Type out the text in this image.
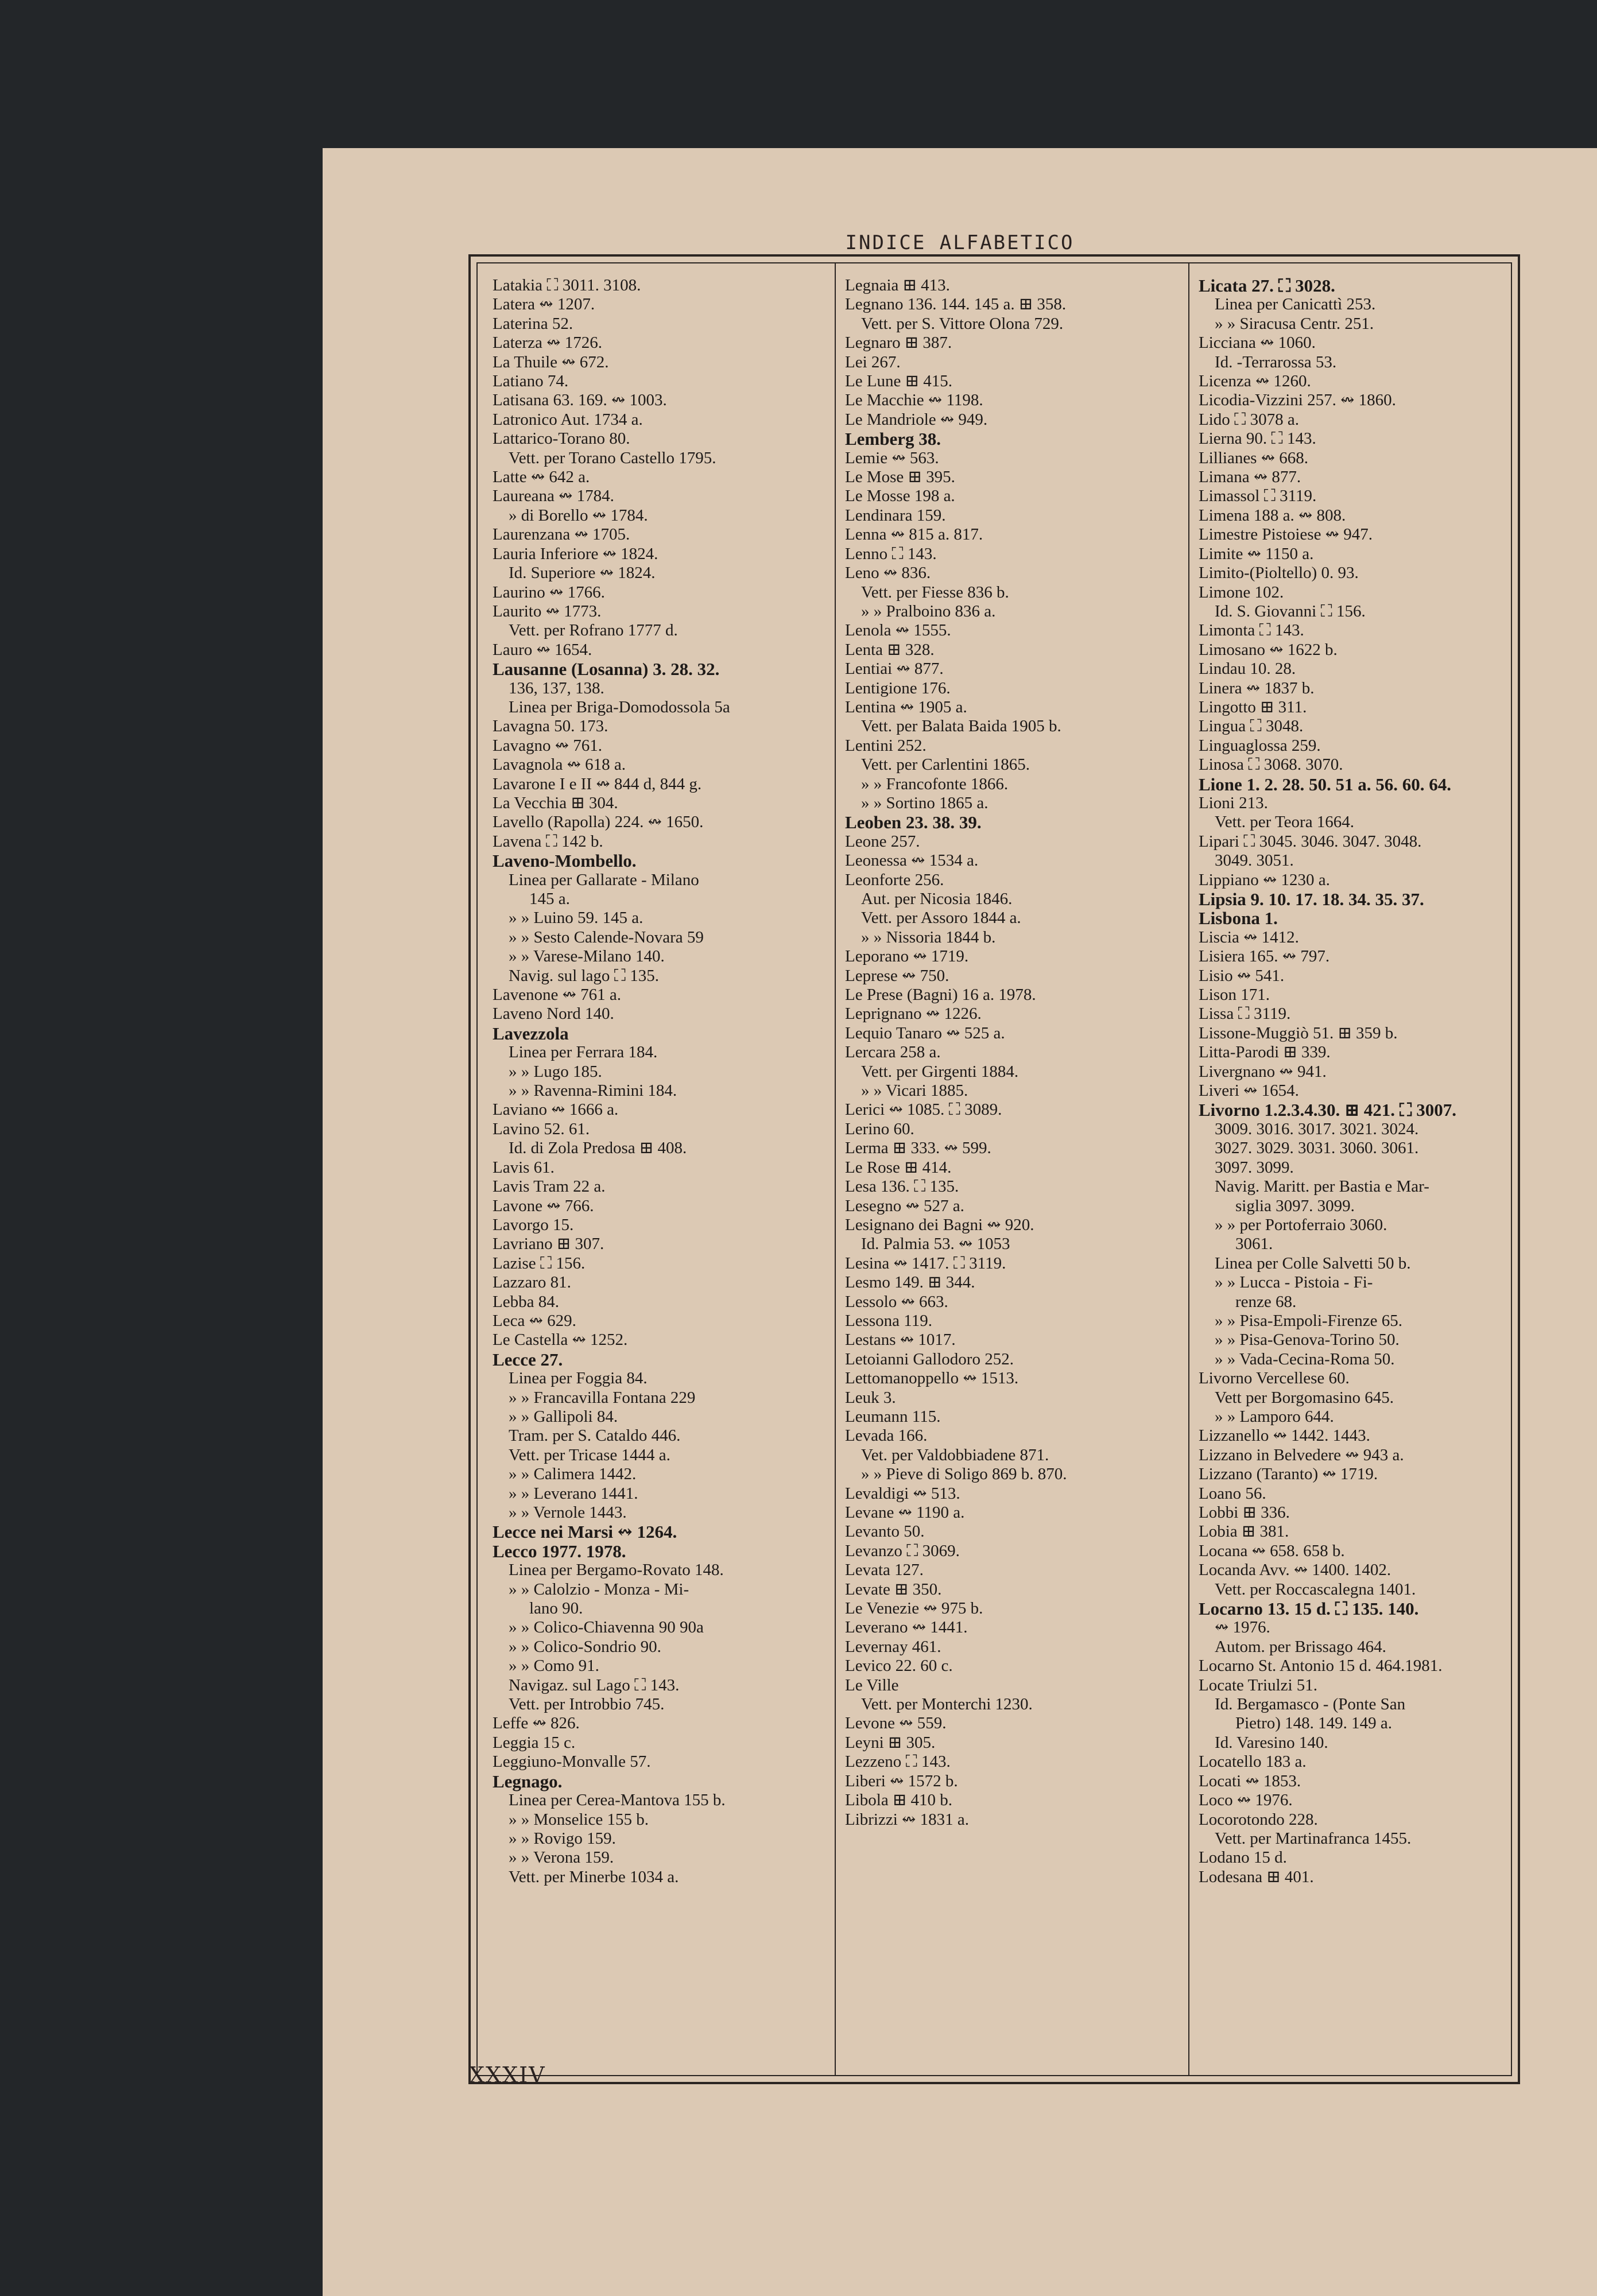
INDICE ALFABETICO
Latakia ⛶ 3011. 3108.
Latera ↭ 1207.
Laterina 52.
Laterza ↭ 1726.
La Thuile ↭ 672.
Latiano 74.
Latisana 63. 169. ↭ 1003.
Latronico Aut. 1734 a.
Lattarico-Torano 80.
Vett. per Torano Castello 1795.
Latte ↭ 642 a.
Laureana ↭ 1784.
» di Borello ↭ 1784.
Laurenzana ↭ 1705.
Lauria Inferiore ↭ 1824.
Id. Superiore ↭ 1824.
Laurino ↭ 1766.
Laurito ↭ 1773.
Vett. per Rofrano 1777 d.
Lauro ↭ 1654.
Lausanne (Losanna) 3. 28. 32.
136, 137, 138.
Linea per Briga-Domodossola 5a
Lavagna 50. 173.
Lavagno ↭ 761.
Lavagnola ↭ 618 a.
Lavarone I e II ↭ 844 d, 844 g.
La Vecchia ⊞ 304.
Lavello (Rapolla) 224. ↭ 1650.
Lavena ⛶ 142 b.
Laveno-Mombello.
Linea per Gallarate - Milano
145 a.
» » Luino 59. 145 a.
» » Sesto Calende-Novara 59
» » Varese-Milano 140.
Navig. sul lago ⛶ 135.
Lavenone ↭ 761 a.
Laveno Nord 140.
Lavezzola
Linea per Ferrara 184.
» » Lugo 185.
» » Ravenna-Rimini 184.
Laviano ↭ 1666 a.
Lavino 52. 61.
Id. di Zola Predosa ⊞ 408.
Lavis 61.
Lavis Tram 22 a.
Lavone ↭ 766.
Lavorgo 15.
Lavriano ⊞ 307.
Lazise ⛶ 156.
Lazzaro 81.
Lebba 84.
Leca ↭ 629.
Le Castella ↭ 1252.
Lecce 27.
Linea per Foggia 84.
» » Francavilla Fontana 229
» » Gallipoli 84.
Tram. per S. Cataldo 446.
Vett. per Tricase 1444 a.
» » Calimera 1442.
» » Leverano 1441.
» » Vernole 1443.
Lecce nei Marsi ↭ 1264.
Lecco 1977. 1978.
Linea per Bergamo-Rovato 148.
» » Calolzio - Monza - Mi-
lano 90.
» » Colico-Chiavenna 90 90a
» » Colico-Sondrio 90.
» » Como 91.
Navigaz. sul Lago ⛶ 143.
Vett. per Introbbio 745.
Leffe ↭ 826.
Leggia 15 c.
Leggiuno-Monvalle 57.
Legnago.
Linea per Cerea-Mantova 155 b.
» » Monselice 155 b.
» » Rovigo 159.
» » Verona 159.
Vett. per Minerbe 1034 a.
Legnaia ⊞ 413.
Legnano 136. 144. 145 a. ⊞ 358.
Vett. per S. Vittore Olona 729.
Legnaro ⊞ 387.
Lei 267.
Le Lune ⊞ 415.
Le Macchie ↭ 1198.
Le Mandriole ↭ 949.
Lemberg 38.
Lemie ↭ 563.
Le Mose ⊞ 395.
Le Mosse 198 a.
Lendinara 159.
Lenna ↭ 815 a. 817.
Lenno ⛶ 143.
Leno ↭ 836.
Vett. per Fiesse 836 b.
» » Pralboino 836 a.
Lenola ↭ 1555.
Lenta ⊞ 328.
Lentiai ↭ 877.
Lentigione 176.
Lentina ↭ 1905 a.
Vett. per Balata Baida 1905 b.
Lentini 252.
Vett. per Carlentini 1865.
» » Francofonte 1866.
» » Sortino 1865 a.
Leoben 23. 38. 39.
Leone 257.
Leonessa ↭ 1534 a.
Leonforte 256.
Aut. per Nicosia 1846.
Vett. per Assoro 1844 a.
» » Nissoria 1844 b.
Leporano ↭ 1719.
Leprese ↭ 750.
Le Prese (Bagni) 16 a. 1978.
Leprignano ↭ 1226.
Lequio Tanaro ↭ 525 a.
Lercara 258 a.
Vett. per Girgenti 1884.
» » Vicari 1885.
Lerici ↭ 1085. ⛶ 3089.
Lerino 60.
Lerma ⊞ 333. ↭ 599.
Le Rose ⊞ 414.
Lesa 136. ⛶ 135.
Lesegno ↭ 527 a.
Lesignano dei Bagni ↭ 920.
Id. Palmia 53. ↭ 1053
Lesina ↭ 1417. ⛶ 3119.
Lesmo 149. ⊞ 344.
Lessolo ↭ 663.
Lessona 119.
Lestans ↭ 1017.
Letoianni Gallodoro 252.
Lettomanoppello ↭ 1513.
Leuk 3.
Leumann 115.
Levada 166.
Vet. per Valdobbiadene 871.
» » Pieve di Soligo 869 b. 870.
Levaldigi ↭ 513.
Levane ↭ 1190 a.
Levanto 50.
Levanzo ⛶ 3069.
Levata 127.
Levate ⊞ 350.
Le Venezie ↭ 975 b.
Leverano ↭ 1441.
Levernay 461.
Levico 22. 60 c.
Le Ville
Vett. per Monterchi 1230.
Levone ↭ 559.
Leyni ⊞ 305.
Lezzeno ⛶ 143.
Liberi ↭ 1572 b.
Libola ⊞ 410 b.
Librizzi ↭ 1831 a.
Licata 27. ⛶ 3028.
Linea per Canicattì 253.
» » Siracusa Centr. 251.
Licciana ↭ 1060.
Id. -Terrarossa 53.
Licenza ↭ 1260.
Licodia-Vizzini 257. ↭ 1860.
Lido ⛶ 3078 a.
Lierna 90. ⛶ 143.
Lillianes ↭ 668.
Limana ↭ 877.
Limassol ⛶ 3119.
Limena 188 a. ↭ 808.
Limestre Pistoiese ↭ 947.
Limite ↭ 1150 a.
Limito-(Pioltello) 0. 93.
Limone 102.
Id. S. Giovanni ⛶ 156.
Limonta ⛶ 143.
Limosano ↭ 1622 b.
Lindau 10. 28.
Linera ↭ 1837 b.
Lingotto ⊞ 311.
Lingua ⛶ 3048.
Linguaglossa 259.
Linosa ⛶ 3068. 3070.
Lione 1. 2. 28. 50. 51 a. 56. 60. 64.
Lioni 213.
Vett. per Teora 1664.
Lipari ⛶ 3045. 3046. 3047. 3048.
3049. 3051.
Lippiano ↭ 1230 a.
Lipsia 9. 10. 17. 18. 34. 35. 37.
Lisbona 1.
Liscia ↭ 1412.
Lisiera 165. ↭ 797.
Lisio ↭ 541.
Lison 171.
Lissa ⛶ 3119.
Lissone-Muggiò 51. ⊞ 359 b.
Litta-Parodi ⊞ 339.
Livergnano ↭ 941.
Liveri ↭ 1654.
Livorno 1.2.3.4.30. ⊞ 421. ⛶ 3007.
3009. 3016. 3017. 3021. 3024.
3027. 3029. 3031. 3060. 3061.
3097. 3099.
Navig. Maritt. per Bastia e Mar-
siglia 3097. 3099.
» » per Portoferraio 3060.
3061.
Linea per Colle Salvetti 50 b.
» » Lucca - Pistoia - Fi-
renze 68.
» » Pisa-Empoli-Firenze 65.
» » Pisa-Genova-Torino 50.
» » Vada-Cecina-Roma 50.
Livorno Vercellese 60.
Vett per Borgomasino 645.
» » Lamporo 644.
Lizzanello ↭ 1442. 1443.
Lizzano in Belvedere ↭ 943 a.
Lizzano (Taranto) ↭ 1719.
Loano 56.
Lobbi ⊞ 336.
Lobia ⊞ 381.
Locana ↭ 658. 658 b.
Locanda Avv. ↭ 1400. 1402.
Vett. per Roccascalegna 1401.
Locarno 13. 15 d. ⛶ 135. 140.
↭ 1976.
Autom. per Brissago 464.
Locarno St. Antonio 15 d. 464.1981.
Locate Triulzi 51.
Id. Bergamasco - (Ponte San
Pietro) 148. 149. 149 a.
Id. Varesino 140.
Locatello 183 a.
Locati ↭ 1853.
Loco ↭ 1976.
Locorotondo 228.
Vett. per Martinafranca 1455.
Lodano 15 d.
Lodesana ⊞ 401.
XXXIV
